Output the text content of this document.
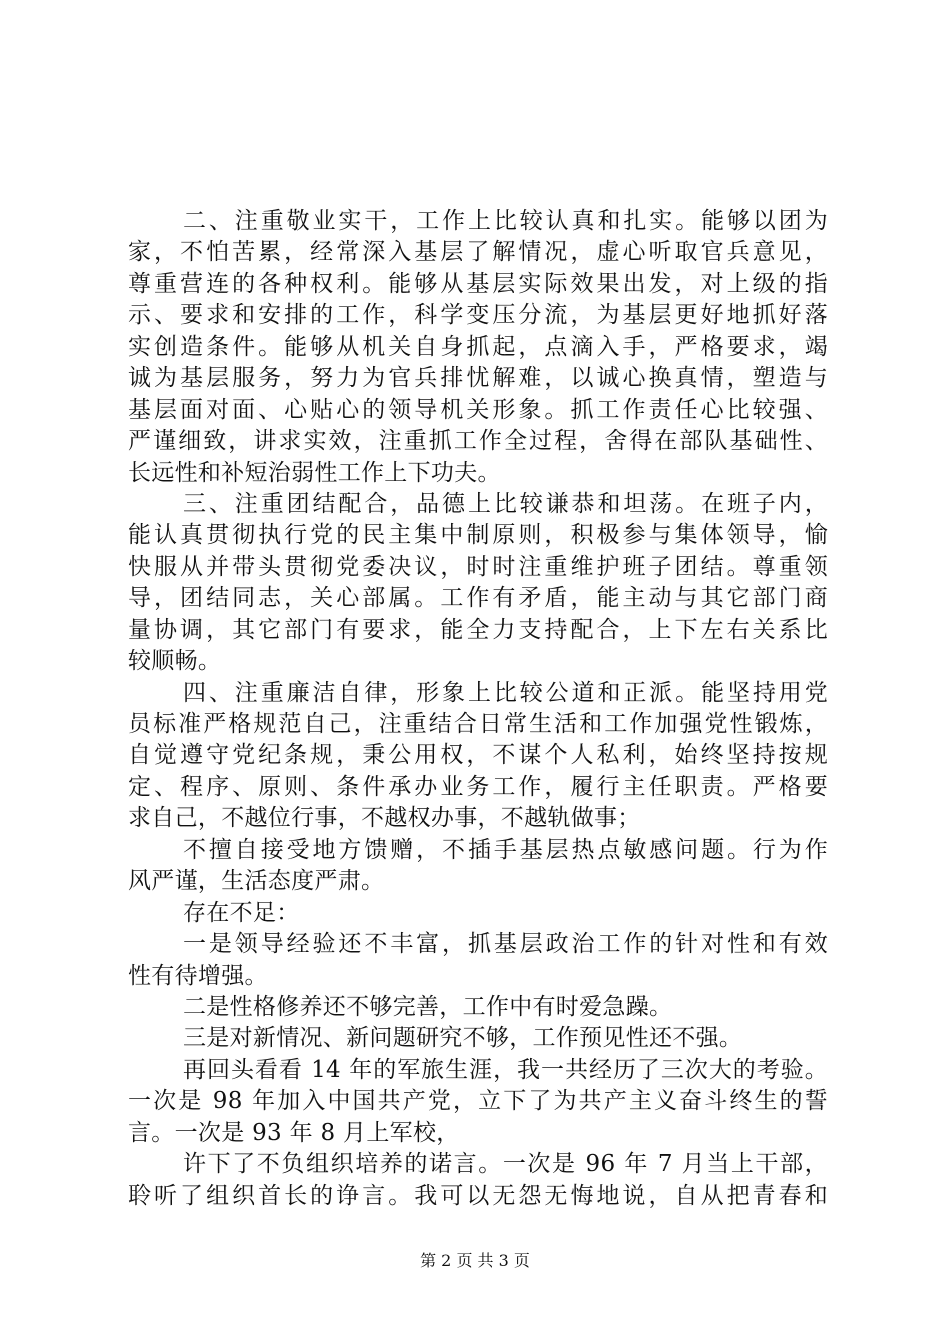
二、注重敬业实干，工作上比较认真和扎实。能够以团为
家，不怕苦累，经常深入基层了解情况，虚心听取官兵意见，
尊重营连的各种权利。能够从基层实际效果出发，对上级的指
示、要求和安排的工作，科学变压分流，为基层更好地抓好落
实创造条件。能够从机关自身抓起，点滴入手，严格要求，竭
诚为基层服务，努力为官兵排忧解难，以诚心换真情，塑造与
基层面对面、心贴心的领导机关形象。抓工作责任心比较强、
严谨细致，讲求实效，注重抓工作全过程，舍得在部队基础性、
长远性和补短治弱性工作上下功夫。
三、注重团结配合，品德上比较谦恭和坦荡。在班子内，
能认真贯彻执行党的民主集中制原则，积极参与集体领导，愉
快服从并带头贯彻党委决议，时时注重维护班子团结。尊重领
导，团结同志，关心部属。工作有矛盾，能主动与其它部门商
量协调，其它部门有要求，能全力支持配合，上下左右关系比
较顺畅。
四、注重廉洁自律，形象上比较公道和正派。能坚持用党
员标准严格规范自己，注重结合日常生活和工作加强党性锻炼，
自觉遵守党纪条规，秉公用权，不谋个人私利，始终坚持按规
定、程序、原则、条件承办业务工作，履行主任职责。严格要
求自己，不越位行事，不越权办事，不越轨做事；
不擅自接受地方馈赠，不插手基层热点敏感问题。行为作
风严谨，生活态度严肃。
存在不足：
一是领导经验还不丰富，抓基层政治工作的针对性和有效
性有待增强。
二是性格修养还不够完善，工作中有时爱急躁。
三是对新情况、新问题研究不够，工作预见性还不强。
再回头看看 14 年的军旅生涯，我一共经历了三次大的考验。
一次是 98 年加入中国共产党，立下了为共产主义奋斗终生的誓
言。一次是 93 年 8 月上军校，
许下了不负组织培养的诺言。一次是 96 年 7 月当上干部，
聆听了组织首长的诤言。我可以无怨无悔地说，自从把青春和
第 2 页 共 3 页
